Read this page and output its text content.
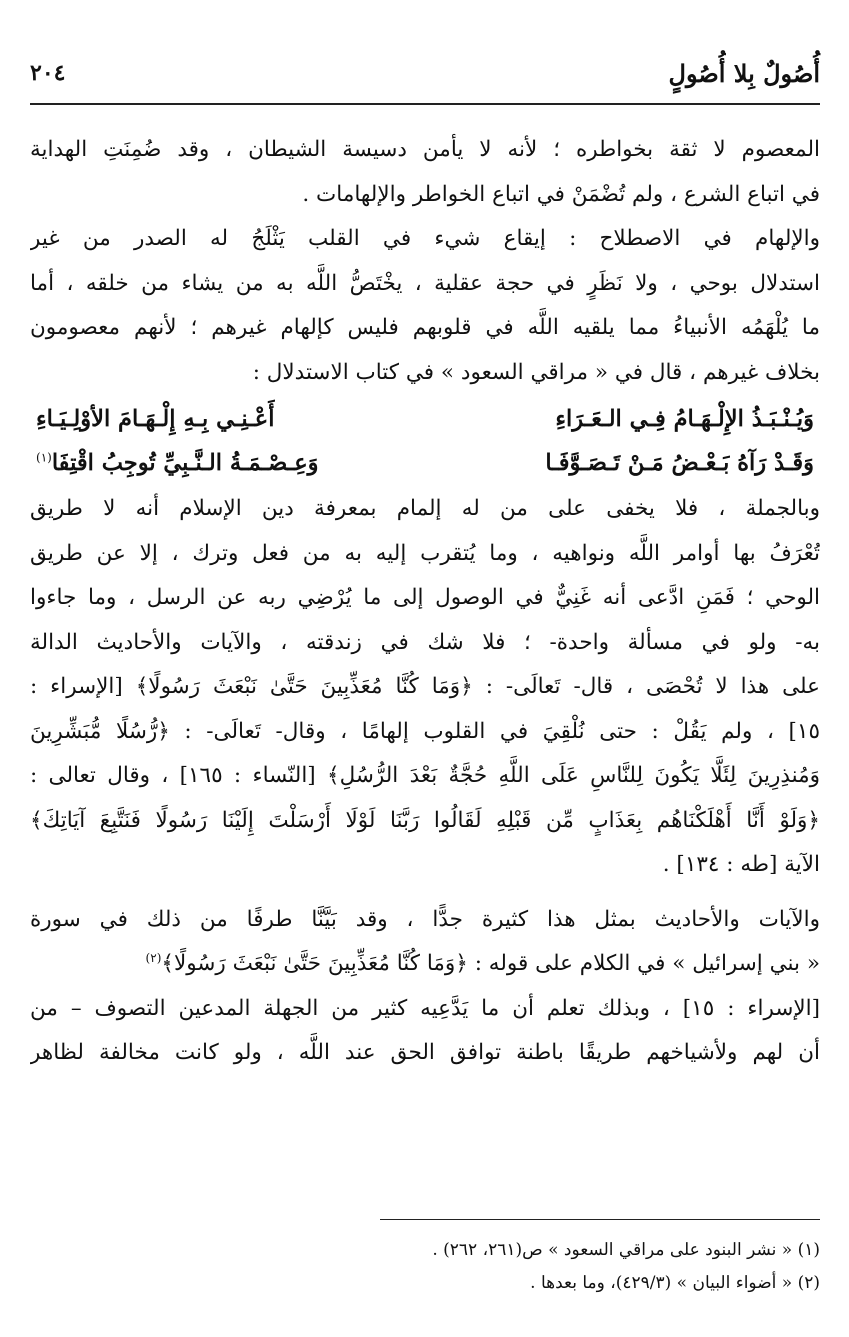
٢٠٤	أُصُولٌ بِلا أُصُولٍ
المعصوم لا ثقة بخواطره ؛ لأنه لا يأمن دسيسة الشيطان ، وقد ضُمِنَتِ الهداية
في اتباع الشرع ، ولم تُضْمَنْ في اتباع الخواطر والإلهامات .
والإلهام في الاصطلاح : إيقاع شيء في القلب يَثْلَجُ له الصدر من غير
استدلال بوحي ، ولا نَظَرٍ في حجة عقلية ، يخْتَصُّ اللَّه به من يشاء من خلقه ، أما
ما يُلْهَمُه الأنبياءُ مما يلقيه اللَّه في قلوبهم فليس كإلهام غيرهم ؛ لأنهم معصومون
بخلاف غيرهم ، قال في « مراقي السعود » في كتاب الاستدلال :
وَيُـنْـبَـذُ الإِلْـهَـامُ فِـي الـعَـرَاءِ
أَعْـنِـي بِـهِ إِلْـهَـامَ الأوْلِـيَـاءِ
وَقَـدْ رَآهُ بَـعْـضُ مَـنْ تَـصَـوَّفَـا
وَعِـصْـمَـةُ الـنَّـبِيِّ تُوجِبُ اقْتِفَا$^{(١)}$
وبالجملة ، فلا يخفى على من له إلمام بمعرفة دين الإسلام أنه لا طريق
تُعْرَفُ بها أوامر اللَّه ونواهيه ، وما يُتقرب إليه به من فعل وترك ، إلا عن طريق
الوحي ؛ فَمَنِ ادَّعى أنه غَنِيٌّ في الوصول إلى ما يُرْضِي ربه عن الرسل ، وما جاءوا
به- ولو في مسألة واحدة- ؛ فلا شك في زندقته ، والآيات والأحاديث الدالة
على هذا لا تُحْصَى ، قال- تَعالَى- : ﴿وَمَا كُنَّا مُعَذِّبِينَ حَتَّىٰ نَبْعَثَ رَسُولًا﴾ [الإسراء :
١٥] ، ولم يَقُلْ : حتى نُلْقِيَ في القلوب إلهامًا ، وقال- تَعالَى- : ﴿رُّسُلًا مُّبَشِّرِينَ
وَمُنذِرِينَ لِئَلَّا يَكُونَ لِلنَّاسِ عَلَى اللَّهِ حُجَّةٌ بَعْدَ الرُّسُلِ﴾ [النّساء : ١٦٥] ، وقال تعالى :
﴿وَلَوْ أَنَّا أَهْلَكْنَاهُم بِعَذَابٍ مِّن قَبْلِهِ لَقَالُوا رَبَّنَا لَوْلَا أَرْسَلْتَ إِلَيْنَا رَسُولًا فَنَتَّبِعَ آيَاتِكَ﴾
الآية [طه : ١٣٤] .
والآيات والأحاديث بمثل هذا كثيرة جدًّا ، وقد بَيَّنَّا طرفًا من ذلك في سورة
« بني إسرائيل » في الكلام على قوله : ﴿وَمَا كُنَّا مُعَذِّبِينَ حَتَّىٰ نَبْعَثَ رَسُولًا﴾$^{(٢)}$
[الإسراء : ١٥] ، وبذلك تعلم أن ما يَدَّعِيه كثير من الجهلة المدعين التصوف – من
أن لهم ولأشياخهم طريقًا باطنة توافق الحق عند اللَّه ، ولو كانت مخالفة لظاهر
(١) « نشر البنود على مراقي السعود » ص(٢٦١، ٢٦٢) .
(٢) « أضواء البيان » (٤٢٩/٣)، وما بعدها .
